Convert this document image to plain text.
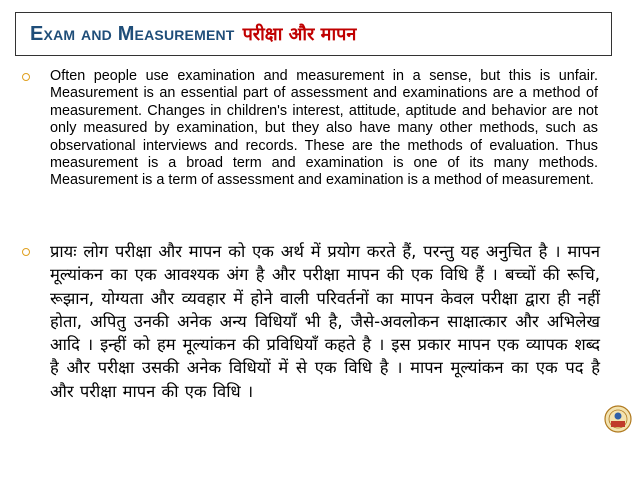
Exam and Measurement परीक्षा और मापन

Often people use examination and measurement in a sense, but this is unfair. Measurement is an essential part of assessment and examinations are a method of measurement. Changes in children's interest, attitude, aptitude and behavior are not only measured by examination, but they also have many other methods, such as observational interviews and records. These are the methods of evaluation. Thus measurement is a broad term and examination is one of its many methods. Measurement is a term of assessment and examination is a method of measurement.

प्रायः लोग परीक्षा और मापन को एक अर्थ में प्रयोग करते हैं, परन्तु यह अनुचित है । मापन मूल्यांकन का एक आवश्यक अंग है और परीक्षा मापन की एक विधि हैं । बच्चों की रूचि, रूझान, योग्यता और व्यवहार में होने वाली परिवर्तनों का मापन केवल परीक्षा द्वारा ही नहीं होता, अपितु उनकी अनेक अन्य विधियाँ भी है, जैसे-अवलोकन साक्षात्कार और अभिलेख आदि । इन्हीं को हम मूल्यांकन की प्रविधियाँ कहते है । इस प्रकार मापन एक व्यापक शब्द है और परीक्षा उसकी अनेक विधियों में से एक विधि है । मापन मूल्यांकन का एक पद है और परीक्षा मापन की एक विधि ।
